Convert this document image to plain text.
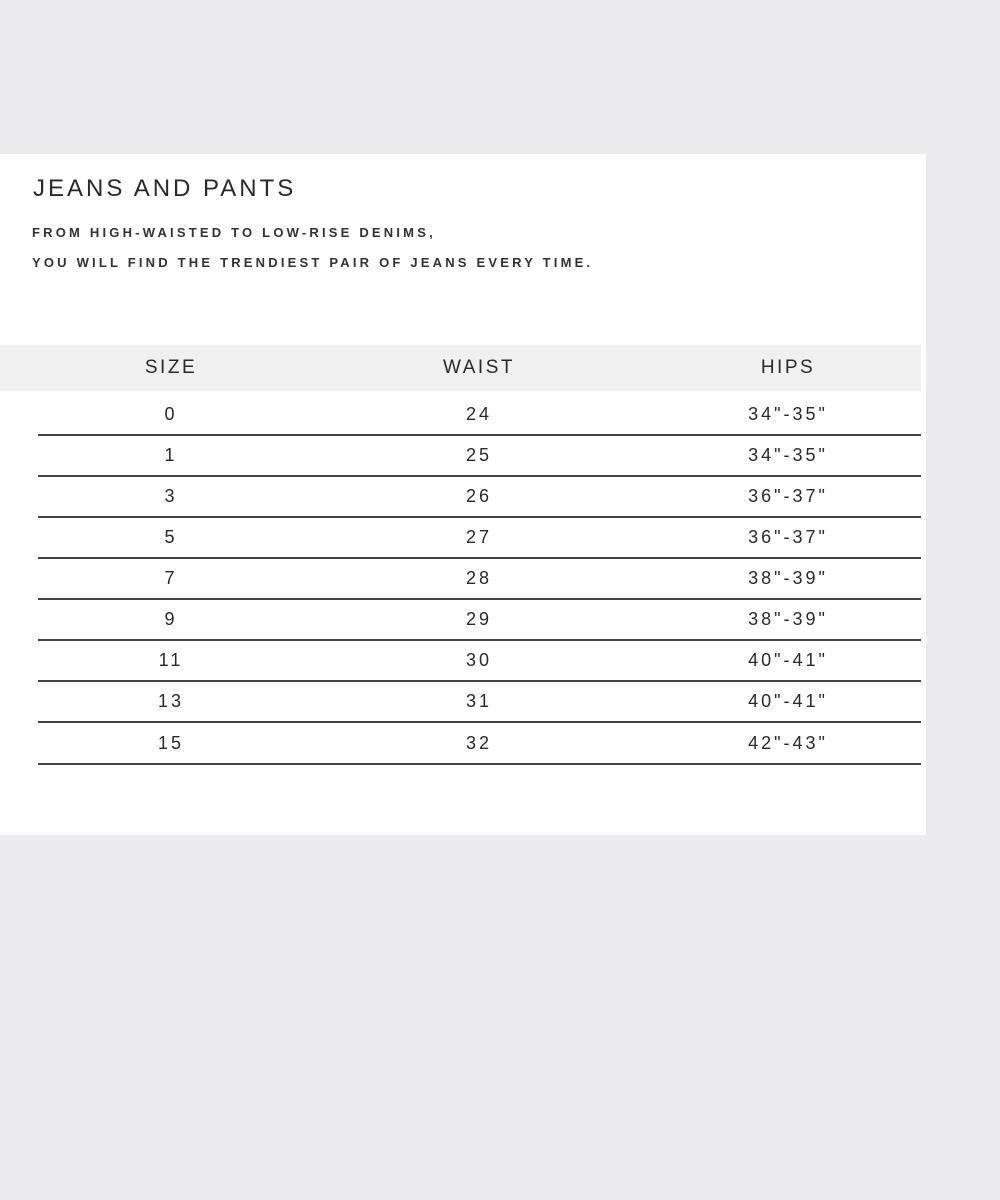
JEANS AND PANTS
FROM HIGH-WAISTED TO LOW-RISE DENIMS,
YOU WILL FIND THE TRENDIEST PAIR OF JEANS EVERY TIME.
SIZE	WAIST	HIPS
0	24	34"-35"
1	25	34"-35"
3	26	36"-37"
5	27	36"-37"
7	28	38"-39"
9	29	38"-39"
11	30	40"-41"
13	31	40"-41"
15	32	42"-43"
